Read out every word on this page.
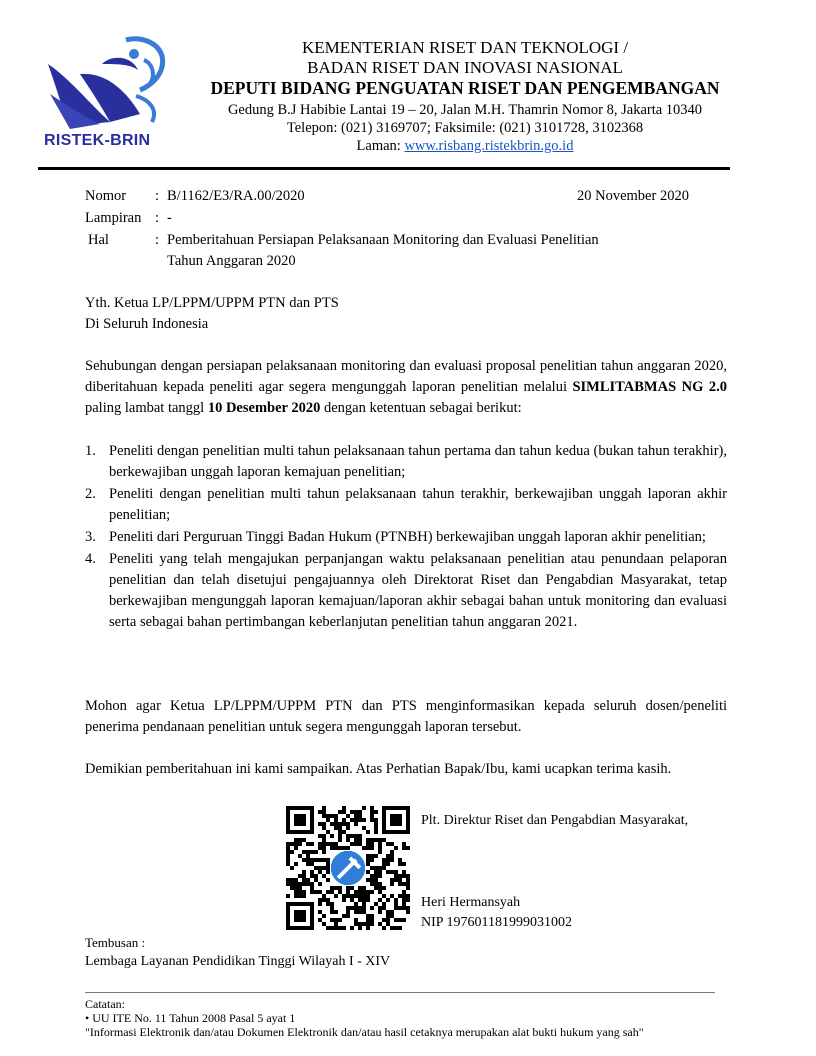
RISTEK-BRIN
KEMENTERIAN RISET DAN TEKNOLOGI /
BADAN RISET DAN INOVASI NASIONAL
DEPUTI BIDANG PENGUATAN RISET DAN PENGEMBANGAN
Gedung B.J Habibie Lantai 19 – 20, Jalan M.H. Thamrin Nomor 8, Jakarta 10340
Telepon: (021) 3169707; Faksimile: (021) 3101728, 3102368
Laman: www.risbang.ristekbrin.go.id
Nomor : B/1162/E3/RA.00/2020	20 November 2020
Lampiran : -
Hal	: Pemberitahuan Persiapan Pelaksanaan Monitoring dan Evaluasi Penelitian
Tahun Anggaran 2020
Yth. Ketua LP/LPPM/UPPM PTN dan PTS
Di Seluruh Indonesia
Sehubungan dengan persiapan pelaksanaan monitoring dan evaluasi proposal penelitian tahun anggaran 2020, diberitahuan kepada peneliti agar segera mengunggah laporan penelitian melalui SIMLITABMAS NG 2.0 paling lambat tanggl 10 Desember 2020 dengan ketentuan sebagai berikut:
1. Peneliti dengan penelitian multi tahun pelaksanaan tahun pertama dan tahun kedua (bukan tahun terakhir), berkewajiban unggah laporan kemajuan penelitian;
2. Peneliti dengan penelitian multi tahun pelaksanaan tahun terakhir, berkewajiban unggah laporan akhir penelitian;
3. Peneliti dari Perguruan Tinggi Badan Hukum (PTNBH) berkewajiban unggah laporan akhir penelitian;
4. Peneliti yang telah mengajukan perpanjangan waktu pelaksanaan penelitian atau penundaan pelaporan penelitian dan telah disetujui pengajuannya oleh Direktorat Riset dan Pengabdian Masyarakat, tetap berkewajiban mengunggah laporan kemajuan/laporan akhir sebagai bahan untuk monitoring dan evaluasi serta sebagai bahan pertimbangan keberlanjutan penelitian tahun anggaran 2021.
Mohon agar Ketua LP/LPPM/UPPM PTN dan PTS menginformasikan kepada seluruh dosen/peneliti penerima pendanaan penelitian untuk segera mengunggah laporan tersebut.
Demikian pemberitahuan ini kami sampaikan. Atas Perhatian Bapak/Ibu, kami ucapkan terima kasih.
Plt. Direktur Riset dan Pengabdian Masyarakat,
Heri Hermansyah
NIP 197601181999031002
Tembusan :
Lembaga Layanan Pendidikan Tinggi Wilayah I - XIV
Catatan:
• UU ITE No. 11 Tahun 2008 Pasal 5 ayat 1
"Informasi Elektronik dan/atau Dokumen Elektronik dan/atau hasil cetaknya merupakan alat bukti hukum yang sah"
